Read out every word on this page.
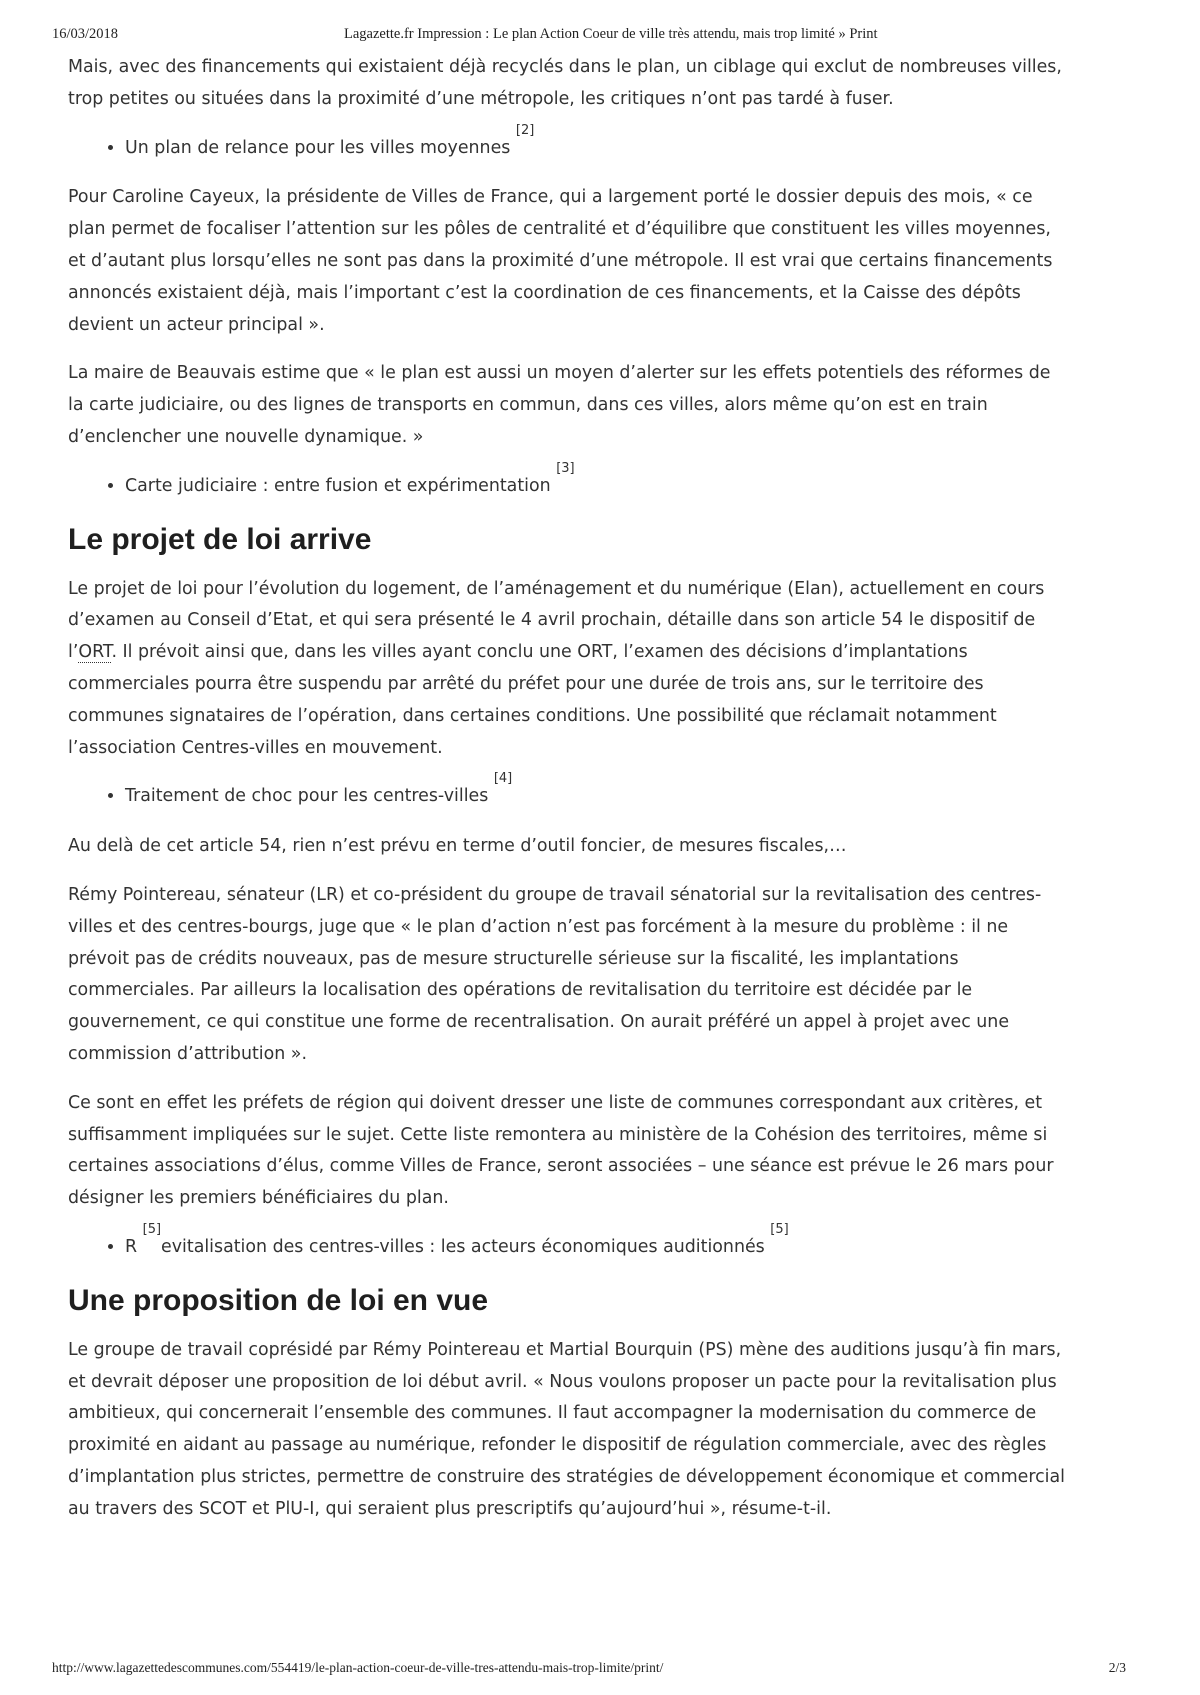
16/03/2018	Lagazette.fr Impression : Le plan Action Coeur de ville très attendu, mais trop limité » Print

Mais, avec des financements qui existaient déjà recyclés dans le plan, un ciblage qui exclut de nombreuses villes,
trop petites ou situées dans la proximité d’une métropole, les critiques n’ont pas tardé à fuser.

• Un plan de relance pour les villes moyennes [2]

Pour Caroline Cayeux, la présidente de Villes de France, qui a largement porté le dossier depuis des mois, « ce
plan permet de focaliser l’attention sur les pôles de centralité et d’équilibre que constituent les villes moyennes,
et d’autant plus lorsqu’elles ne sont pas dans la proximité d’une métropole. Il est vrai que certains financements
annoncés existaient déjà, mais l’important c’est la coordination de ces financements, et la Caisse des dépôts
devient un acteur principal ».

La maire de Beauvais estime que « le plan est aussi un moyen d’alerter sur les effets potentiels des réformes de
la carte judiciaire, ou des lignes de transports en commun, dans ces villes, alors même qu’on est en train
d’enclencher une nouvelle dynamique. »

• Carte judiciaire : entre fusion et expérimentation [3]
Le projet de loi arrive

Le projet de loi pour l’évolution du logement, de l’aménagement et du numérique (Elan), actuellement en cours
d’examen au Conseil d’Etat, et qui sera présenté le 4 avril prochain, détaille dans son article 54 le dispositif de
l’ORT. Il prévoit ainsi que, dans les villes ayant conclu une ORT, l’examen des décisions d’implantations
commerciales pourra être suspendu par arrêté du préfet pour une durée de trois ans, sur le territoire des
communes signataires de l’opération, dans certaines conditions. Une possibilité que réclamait notamment
l’association Centres-villes en mouvement.

• Traitement de choc pour les centres-villes [4]

Au delà de cet article 54, rien n’est prévu en terme d’outil foncier, de mesures fiscales,…

Rémy Pointereau, sénateur (LR) et co-président du groupe de travail sénatorial sur la revitalisation des centres-
villes et des centres-bourgs, juge que « le plan d’action n’est pas forcément à la mesure du problème : il ne
prévoit pas de crédits nouveaux, pas de mesure structurelle sérieuse sur la fiscalité, les implantations
commerciales. Par ailleurs la localisation des opérations de revitalisation du territoire est décidée par le
gouvernement, ce qui constitue une forme de recentralisation. On aurait préféré un appel à projet avec une
commission d’attribution ».

Ce sont en effet les préfets de région qui doivent dresser une liste de communes correspondant aux critères, et
suffisamment impliquées sur le sujet. Cette liste remontera au ministère de la Cohésion des territoires, même si
certaines associations d’élus, comme Villes de France, seront associées – une séance est prévue le 26 mars pour
désigner les premiers bénéficiaires du plan.

• R [5]evitalisation des centres-villes : les acteurs économiques auditionnés [5]
Une proposition de loi en vue

Le groupe de travail coprésidé par Rémy Pointereau et Martial Bourquin (PS) mène des auditions jusqu’à fin mars,
et devrait déposer une proposition de loi début avril. « Nous voulons proposer un pacte pour la revitalisation plus
ambitieux, qui concernerait l’ensemble des communes. Il faut accompagner la modernisation du commerce de
proximité en aidant au passage au numérique, refonder le dispositif de régulation commerciale, avec des règles
d’implantation plus strictes, permettre de construire des stratégies de développement économique et commercial
au travers des SCOT et PlU-I, qui seraient plus prescriptifs qu’aujourd’hui », résume-t-il.

http://www.lagazettedescommunes.com/554419/le-plan-action-coeur-de-ville-tres-attendu-mais-trop-limite/print/	2/3
